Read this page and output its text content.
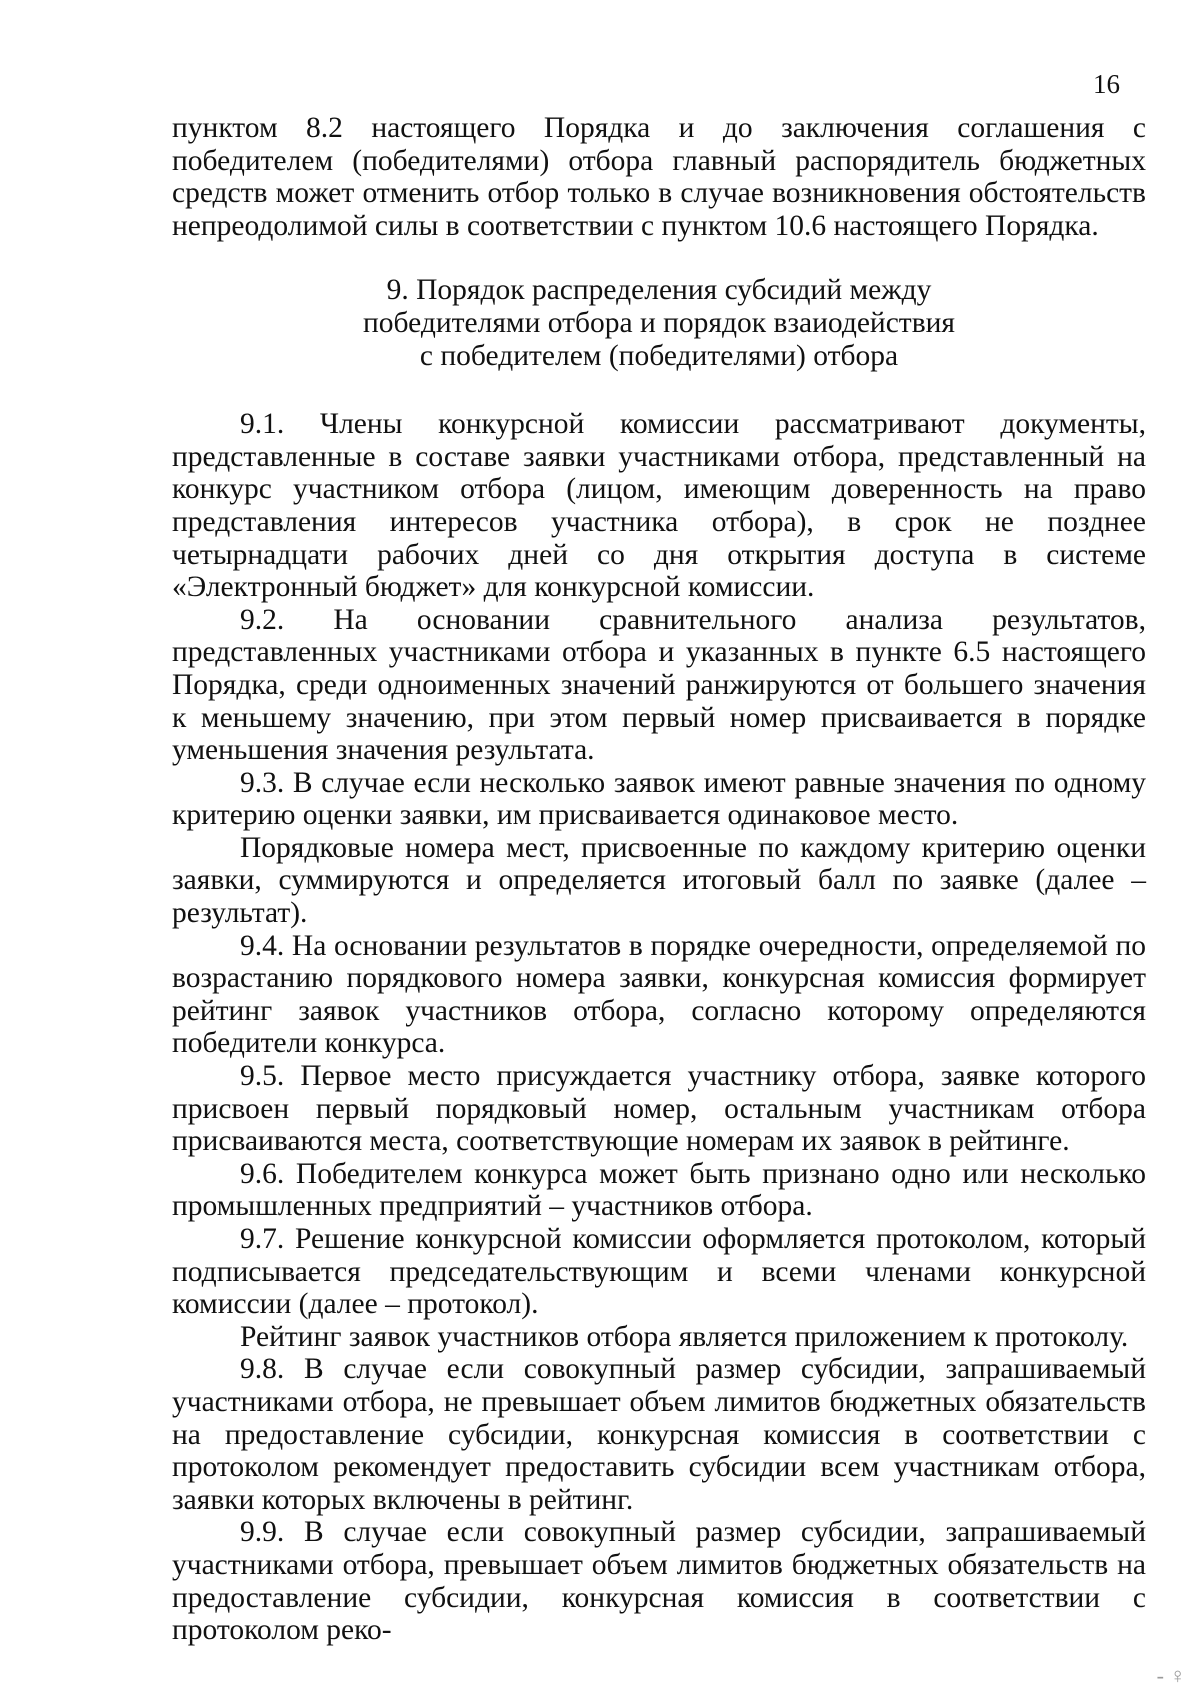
16

пунктом 8.2 настоящего Порядка и до заключения соглашения с победителем (победителями) отбора главный распорядитель бюджетных средств может отменить отбор только в случае возникновения обстоятельств непреодолимой силы в соответствии с пунктом 10.6 настоящего Порядка.

9. Порядок распределения субсидий между
победителями отбора и порядок взаиодействия
с победителем (победителями) отбора

9.1. Члены конкурсной комиссии рассматривают документы, представленные в составе заявки участниками отбора, представленный на конкурс участником отбора (лицом, имеющим доверенность на право представления интересов участника отбора), в срок не позднее четырнадцати рабочих дней со дня открытия доступа в системе «Электронный бюджет» для конкурсной комиссии.

9.2. На основании сравнительного анализа результатов, представленных участниками отбора и указанных в пункте 6.5 настоящего Порядка, среди одноименных значений ранжируются от большего значения к меньшему значению, при этом первый номер присваивается в порядке уменьшения значения результата.

9.3. В случае если несколько заявок имеют равные значения по одному критерию оценки заявки, им присваивается одинаковое место.

Порядковые номера мест, присвоенные по каждому критерию оценки заявки, суммируются и определяется итоговый балл по заявке (далее – результат).

9.4. На основании результатов в порядке очередности, определяемой по возрастанию порядкового номера заявки, конкурсная комиссия формирует рейтинг заявок участников отбора, согласно которому определяются победители конкурса.

9.5. Первое место присуждается участнику отбора, заявке которого присвоен первый порядковый номер, остальным участникам отбора присваиваются места, соответствующие номерам их заявок в рейтинге.

9.6. Победителем конкурса может быть признано одно или несколько промышленных предприятий – участников отбора.

9.7. Решение конкурсной комиссии оформляется протоколом, который подписывается председательствующим и всеми членами конкурсной комиссии (далее – протокол).

Рейтинг заявок участников отбора является приложением к протоколу.

9.8. В случае если совокупный размер субсидии, запрашиваемый участниками отбора, не превышает объем лимитов бюджетных обязательств на предоставление субсидии, конкурсная комиссия в соответствии с протоколом рекомендует предоставить субсидии всем участникам отбора, заявки которых включены в рейтинг.

9.9. В случае если совокупный размер субсидии, запрашиваемый участниками отбора, превышает объем лимитов бюджетных обязательств на предоставление субсидии, конкурсная комиссия в соответствии с протоколом реко-

- ♀
